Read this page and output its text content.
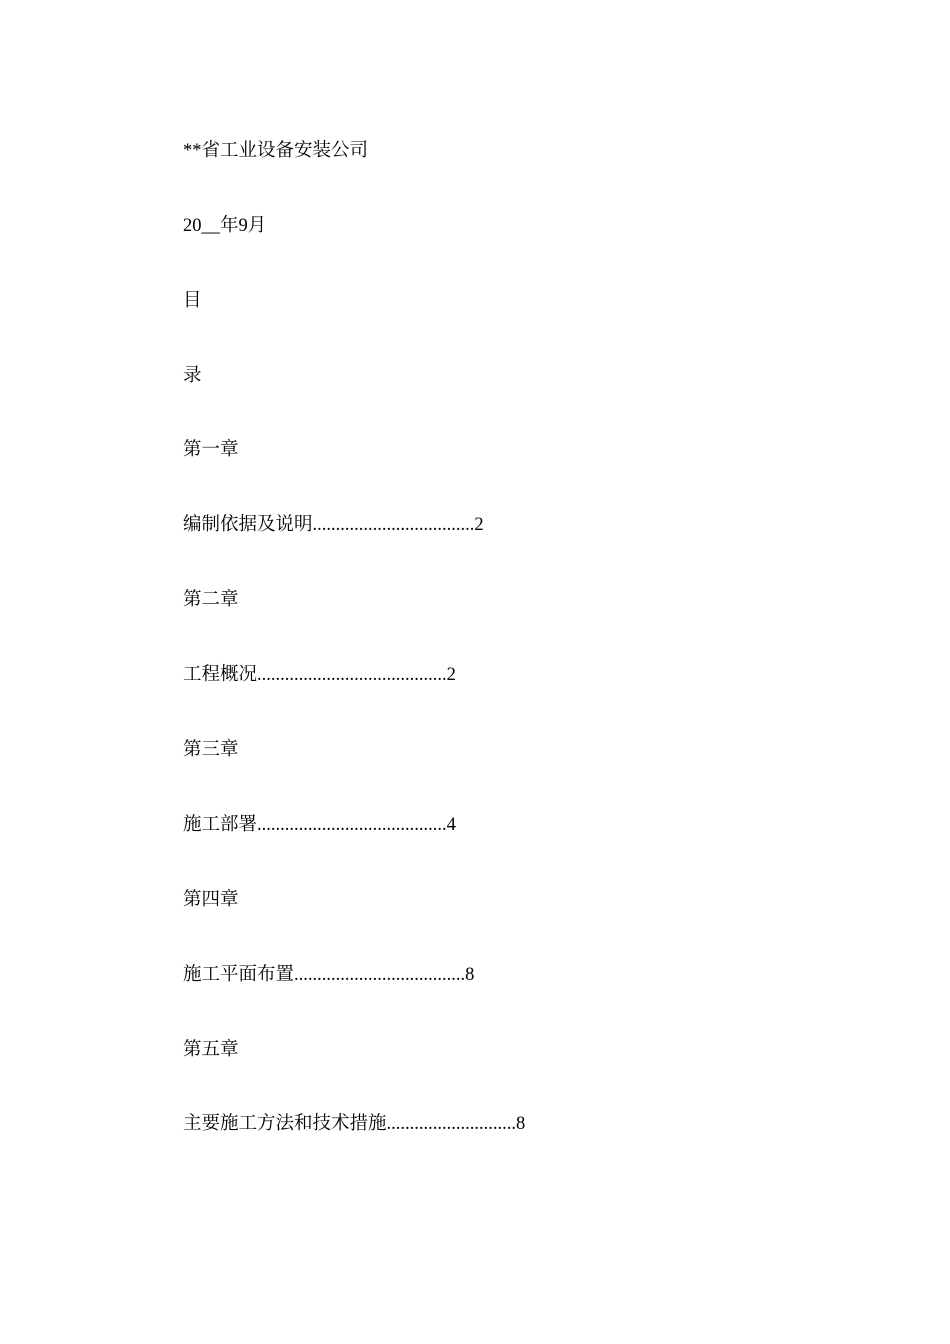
**省工业设备安装公司
20__年9月
目
录
第一章
编制依据及说明...................................2
第二章
工程概况.........................................2
第三章
施工部署.........................................4
第四章
施工平面布置.....................................8
第五章
主要施工方法和技术措施............................8
